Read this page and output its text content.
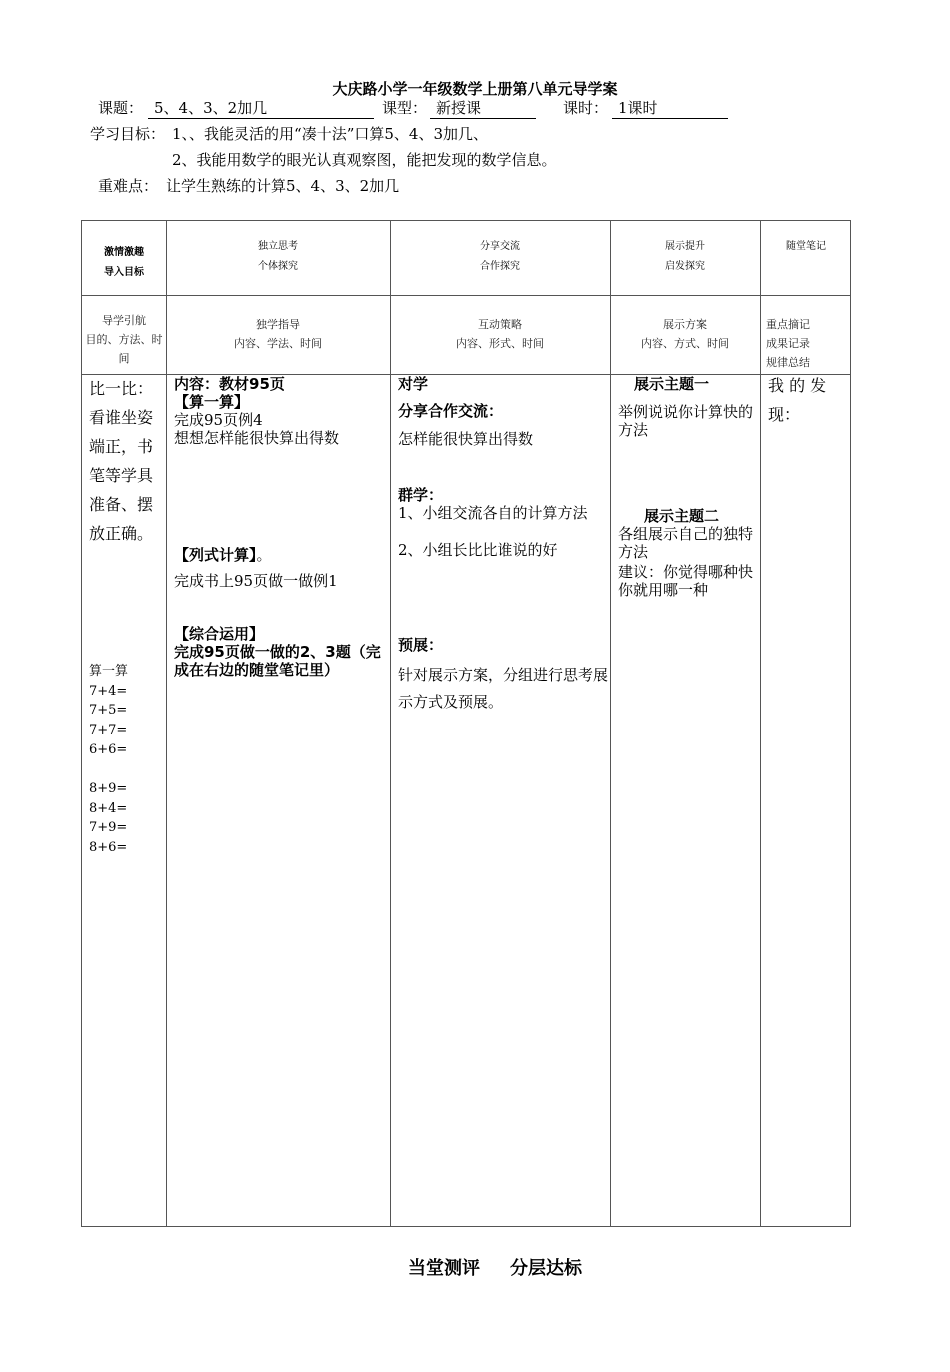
大庆路小学一年级数学上册第八单元导学案
课题： 5、4、3、2加几	课型： 新授课	课时： 1课时
学习目标： 1、、我能灵活的用“凑十法”口算5、4、3加几、
2、我能用数学的眼光认真观察图，能把发现的数学信息。
重难点： 让学生熟练的计算5、4、3、2加几
激情激趣
导入目标
独立思考
个体探究
分享交流
合作探究
展示提升
启发探究
随堂笔记
导学引航
目的、方法、时
间
独学指导
内容、学法、时间
互动策略
内容、形式、时间
展示方案
内容、方式、时间
重点摘记
成果记录
规律总结
比一比：
看谁坐姿
端正，书
笔等学具
准备、摆
放正确。
算一算
7+4=
7+5=
7+7=
6+6=
8+9=
8+4=
7+9=
8+6=
内容：教材95页
【算一算】
完成95页例4
想想怎样能很快算出得数
【列式计算】。
完成书上95页做一做例1
【综合运用】
完成95页做一做的2、3题（完成在右边的随堂笔记里）
对学
分享合作交流：
怎样能很快算出得数
群学：
1、小组交流各自的计算方法
2、小组长比比谁说的好
预展：
针对展示方案，分组进行思考展示方式及预展。
展示主题一
举例说说你计算快的方法
展示主题二
各组展示自己的独特方法
建议：你觉得哪种快你就用哪一种
我 的 发 现：
当堂测评 分层达标
